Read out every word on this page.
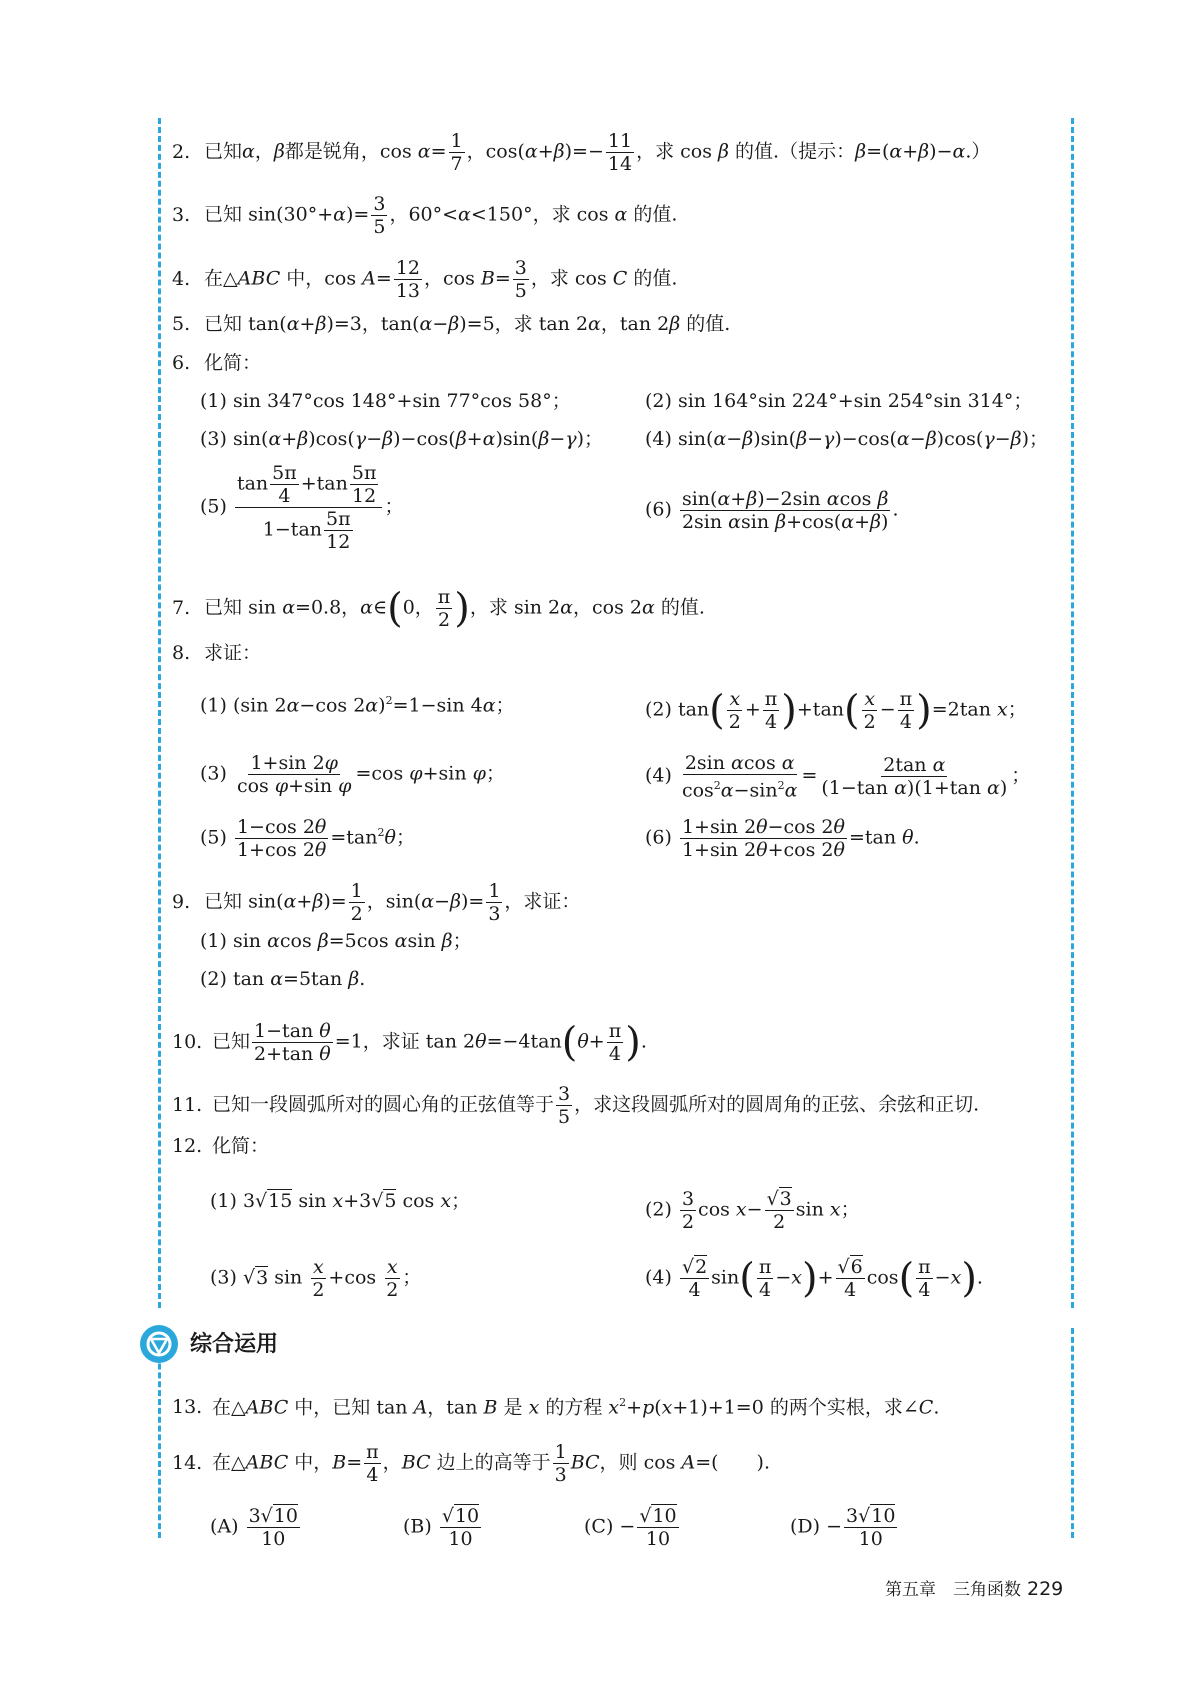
2. 已知α，β都是锐角，$\cos \alpha= \frac{1}{7}$ ，$\cos(\alpha+\beta)=- \frac{11}{14}$ ，求 cos β 的值.（提示：β=(α+β)−α.）
3. 已知 $\sin(30^\circ+\alpha)= \frac{3}{5}$ ，60°<α<150°，求 cos α 的值.
4. 在△ABC 中，$\cos A= \frac{12}{13}$ ，$\cos B= \frac{3}{5}$ ，求 cos C 的值.
5. 已知 tan(α+β)=3，tan(α−β)=5，求 tan 2α，tan 2β 的值.
6. 化简：
(1) sin 347°cos 148°+sin 77°cos 58°；	(2) sin 164°sin 224°+sin 254°sin 314°；
(3) sin(α+β)cos(γ−β)−cos(β+α)sin(β−γ)； (4) sin(α−β)sin(β−γ)−cos(α−β)cos(γ−β)；
$(5) \frac{\tan \frac{5\pi}{4} +\tan \frac{5\pi}{12}}{1-\tan \frac{5\pi}{12}}$ ；	$(6) \frac{\text{sin(α+β)−2sin αcos β}}{\text{2sin αsin β+cos(α+β)}}$ .
7. 已知 sin α=0.8，α∈(0， $\frac{\pi}{2}$ )，求 sin 2α，cos 2α 的值.
8. 求证：
(1) (sin 2α−cos 2α)$^2$=1−sin 4α；	(2) $\tan( \frac{x}{2} + \frac{\pi}{4} )+\tan( \frac{x}{2} - \frac{\pi}{4} )=2\tan$ x；
$(3) \frac{1+\sin 2\varphi}{\text{cos φ+sin φ}} =\cos$ φ+sin φ；	$(4) \frac{\text{2sin αcos α}}{\cos^2\alpha-\sin^2\alpha} = \frac{\text{2tan α}}{\text{(1−tan α)(1+tan α)}}$ ；
$(5) \frac{1-\cos 2\theta}{1+\cos 2\theta} =\tan^2\theta$；	$(6) \frac{1+\sin 2\theta-\cos 2\theta}{1+\sin 2\theta+\cos 2\theta} =\tan$ θ.
9. 已知 $\sin(\alpha+\beta)= \frac{1}{2}$ ，$\sin(\alpha-\beta)= \frac{1}{3}$ ，求证：
(1) sin αcos β=5cos αsin β；
(2) tan α=5tan β.
10. 已知 $\frac{\text{1−tan θ}}{\text{2+tan θ}} =1$，求证 $\tan 2\theta=-4\tan(\theta+ \frac{\pi}{4}$ ).
11. 已知一段圆弧所对的圆心角的正弦值等于 $\frac{3}{5}$ ，求这段圆弧所对的圆周角的正弦、余弦和正切.
12. 化简：
(1) 3√15 sin x+3√5 cos x；	$(2) \frac{3}{2}$ $\cos x- \frac{√3}{2}$ sin x；
(3) √3 $\sin \frac{x}{2} +\cos \frac{x}{2}$ ；	$(4) \frac{√2}{4} \sin( \frac{\pi}{4} -x)+ \frac{√6}{4} \cos( \frac{\pi}{4} -x)$.
综合运用
13. 在△ABC 中，已知 tan A，tan B 是 x 的方程 $x^2+p(x+1)+1=0$ 的两个实根，求∠C.
14. 在△ABC 中，$B= \frac{\pi}{4}$ ，BC 边上的高等于 $\frac{1}{3}$ BC，则 cos A=(　　).
$(A) \frac{3√10}{10}$	$(B) \frac{√10}{10}$	$(C) - \frac{√10}{10}$	$(D) - \frac{3√10}{10}$
第五章　三角函数 229
